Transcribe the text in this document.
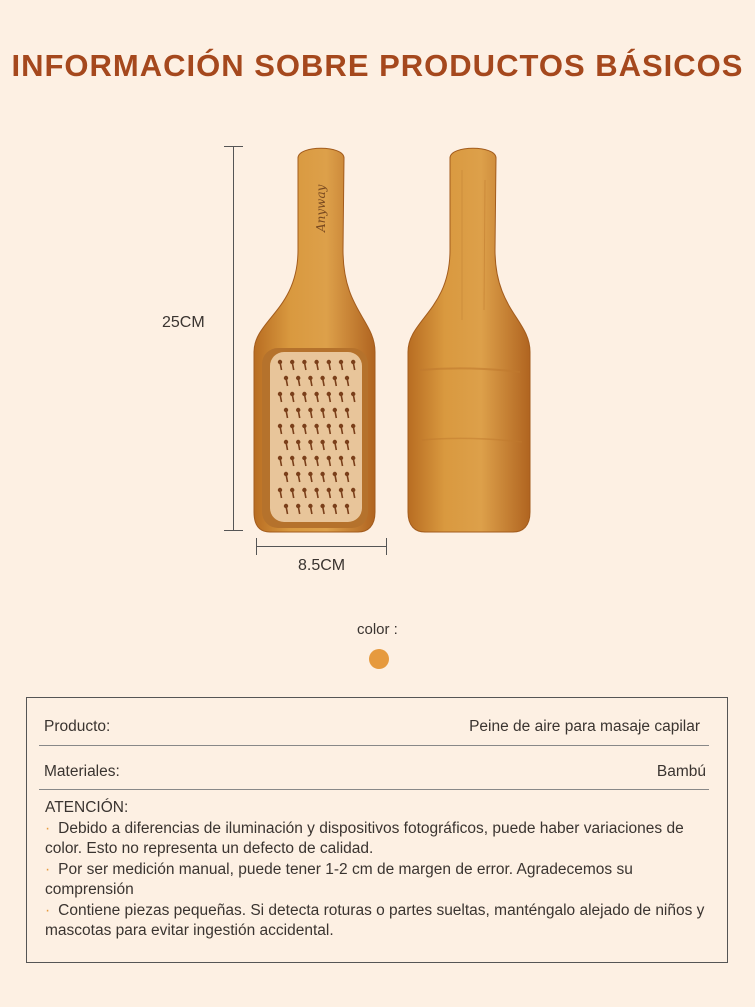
INFORMACIÓN SOBRE PRODUCTOS BÁSICOS
25CM
8.5CM
Anyway
color :
Producto:	Peine de aire para masaje capilar
Materiales:	Bambú

ATENCIÓN:

· Debido a diferencias de iluminación y dispositivos fotográficos, puede haber variaciones de color. Esto no representa un defecto de calidad.

· Por ser medición manual, puede tener 1-2 cm de margen de error. Agradecemos su comprensión

· Contiene piezas pequeñas. Si detecta roturas o partes sueltas, manténgalo alejado de niños y mascotas para evitar ingestión accidental.
